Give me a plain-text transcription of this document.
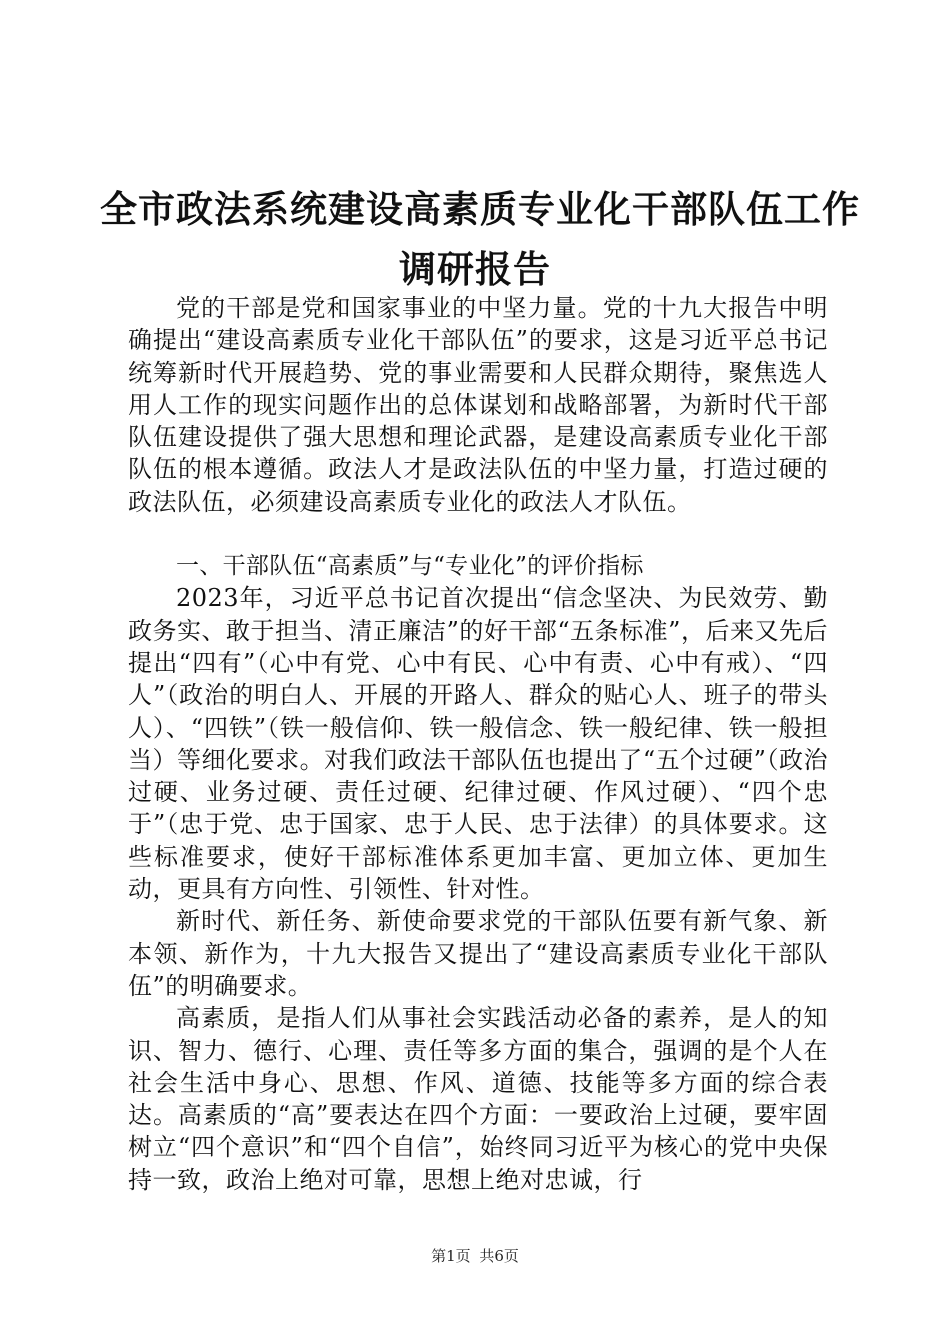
全市政法系统建设高素质专业化干部队伍工作
调研报告

党的干部是党和国家事业的中坚力量。党的十九大报告中明确提出“建设高素质专业化干部队伍”的要求，这是习近平总书记统筹新时代开展趋势、党的事业需要和人民群众期待，聚焦选人用人工作的现实问题作出的总体谋划和战略部署，为新时代干部队伍建设提供了强大思想和理论武器，是建设高素质专业化干部队伍的根本遵循。政法人才是政法队伍的中坚力量，打造过硬的政法队伍，必须建设高素质专业化的政法人才队伍。

一、干部队伍“高素质”与“专业化”的评价指标

2023年，习近平总书记首次提出“信念坚决、为民效劳、勤政务实、敢于担当、清正廉洁”的好干部“五条标准”，后来又先后提出“四有”（心中有党、心中有民、心中有责、心中有戒）、“四人”（政治的明白人、开展的开路人、群众的贴心人、班子的带头人）、“四铁”（铁一般信仰、铁一般信念、铁一般纪律、铁一般担当）等细化要求。对我们政法干部队伍也提出了“五个过硬”（政治过硬、业务过硬、责任过硬、纪律过硬、作风过硬）、“四个忠于”（忠于党、忠于国家、忠于人民、忠于法律）的具体要求。这些标准要求，使好干部标准体系更加丰富、更加立体、更加生动，更具有方向性、引领性、针对性。

新时代、新任务、新使命要求党的干部队伍要有新气象、新本领、新作为，十九大报告又提出了“建设高素质专业化干部队伍”的明确要求。

高素质，是指人们从事社会实践活动必备的素养，是人的知识、智力、德行、心理、责任等多方面的集合，强调的是个人在社会生活中身心、思想、作风、道德、技能等多方面的综合表达。高素质的“高”要表达在四个方面：一要政治上过硬，要牢固树立“四个意识”和“四个自信”，始终同习近平为核心的党中央保持一致，政治上绝对可靠，思想上绝对忠诚，行

第1页 共6页
